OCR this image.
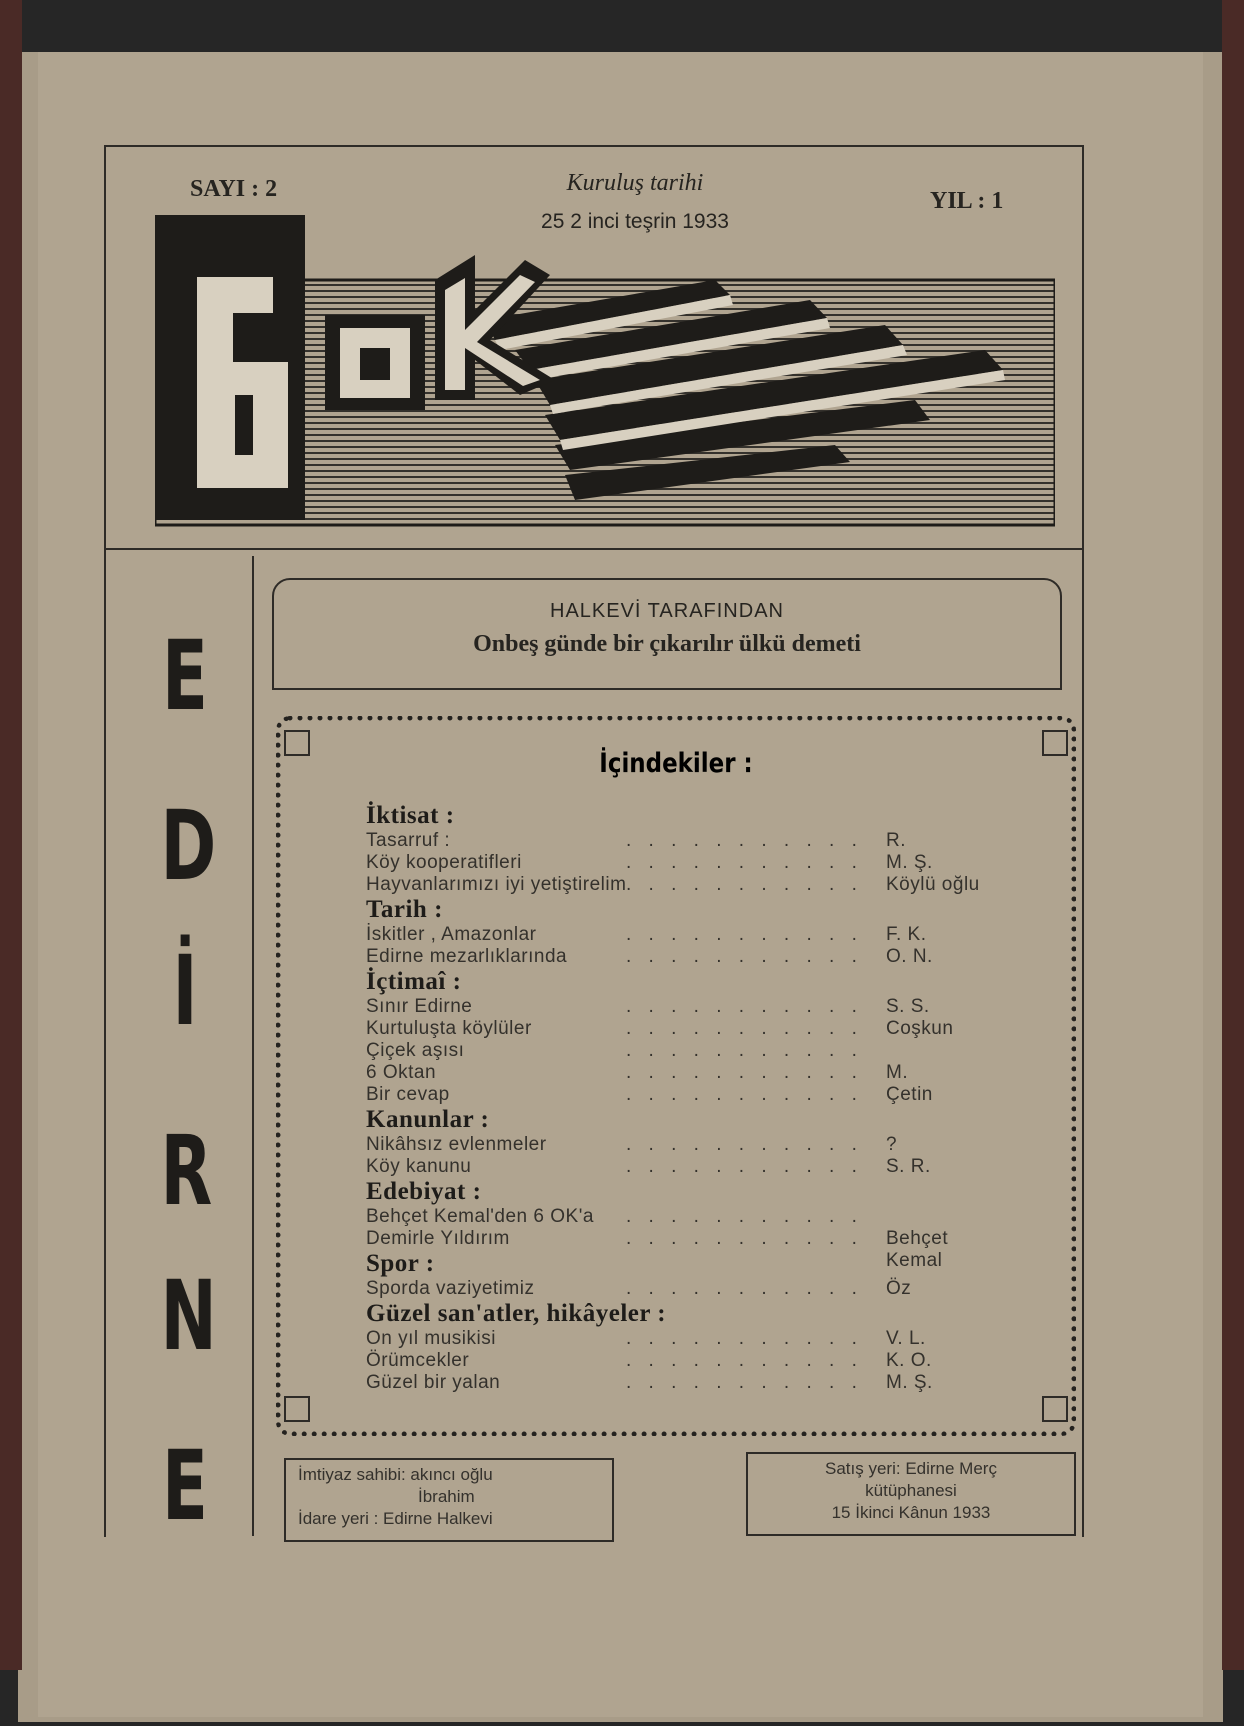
SAYI : 2	Kuruluş tarihi
25 2 inci teşrin 1933
YIL : 1
E
D
İ
R
N
E
HALKEVİ TARAFINDAN
Onbeş günde bir çıkarılır ülkü demeti
İçindekiler :
İktisat :
Tasarruf :	. . . . . . . . . . . R.
Köy kooperatifleri	. . . . . . . . . . . M. Ş.
Hayvanlarımızı iyi yetiştirelim . . . . . . . . . . . Köylü oğlu
Tarih :
İskitler , Amazonlar	. . . . . . . . . . . F. K.
Edirne mezarlıklarında	. . . . . . . . . . . O. N.
İçtimaî :
Sınır Edirne	. . . . . . . . . . . S. S.
Kurtuluşta köylüler	. . . . . . . . . . . Coşkun
Çiçek aşısı	. . . . . . . . . . .
6 Oktan	. . . . . . . . . . . M.
Bir cevap	. . . . . . . . . . . Çetin
Kanunlar :
Nikâhsız evlenmeler	. . . . . . . . . . . ?
Köy kanunu	. . . . . . . . . . . S. R.
Edebiyat :
Behçet Kemal'den 6 OK'a . . . . . . . . . . .
Demirle Yıldırım	. . . . . . . . . . . Behçet Kemal
Spor :
Sporda vaziyetimiz	. . . . . . . . . . . Öz
Güzel san'atler, hikâyeler :
On yıl musikisi	. . . . . . . . . . . V. L.
Örümcekler	. . . . . . . . . . . K. O.
Güzel bir yalan	. . . . . . . . . . . M. Ş.
İmtiyaz sahibi: akıncı oğlu
İbrahim
İdare yeri : Edirne Halkevi
Satış yeri: Edirne Merç
kütüphanesi
15 İkinci Kânun 1933
